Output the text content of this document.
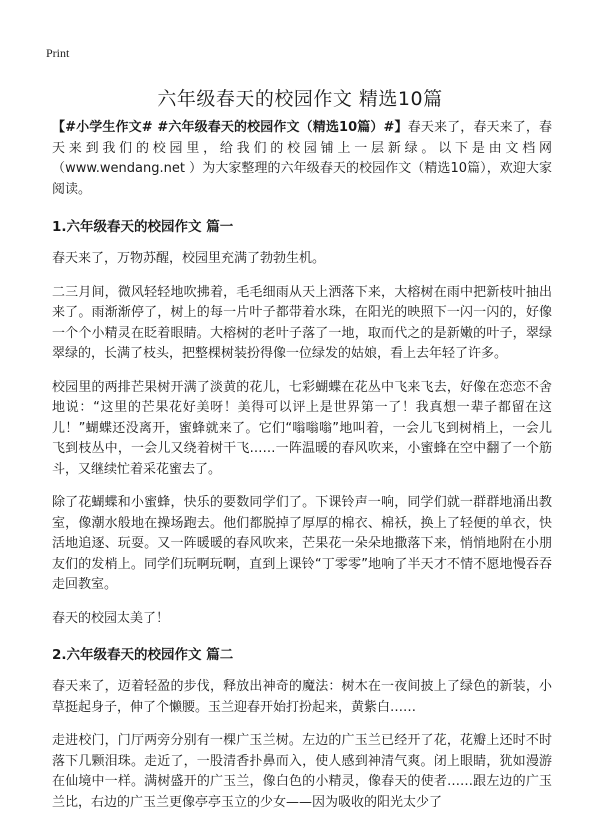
Print
六年级春天的校园作文 精选10篇

【#小学生作文# #六年级春天的校园作文（精选10篇）#】春天来了，春天来了，春天来到我们的校园里，给我们的校园铺上一层新绿。以下是由文档网（www.wendang.net ）为大家整理的六年级春天的校园作文（精选10篇），欢迎大家阅读。

1.六年级春天的校园作文 篇一

春天来了，万物苏醒，校园里充满了勃勃生机。

二三月间，微风轻轻地吹拂着，毛毛细雨从天上洒落下来，大榕树在雨中把新枝叶抽出来了。雨渐渐停了，树上的每一片叶子都带着水珠，在阳光的映照下一闪一闪的，好像一个个小精灵在眨着眼睛。大榕树的老叶子落了一地，取而代之的是新嫩的叶子，翠绿翠绿的，长满了枝头，把整棵树装扮得像一位绿发的姑娘，看上去年轻了许多。

校园里的两排芒果树开满了淡黄的花儿，七彩蝴蝶在花丛中飞来飞去，好像在恋恋不舍地说：“这里的芒果花好美呀！美得可以评上是世界第一了！我真想一辈子都留在这儿！”蝴蝶还没离开，蜜蜂就来了。它们“嗡嗡嗡”地叫着，一会儿飞到树梢上，一会儿飞到枝丛中，一会儿又绕着树干飞……一阵温暖的春风吹来，小蜜蜂在空中翻了一个筋斗，又继续忙着采花蜜去了。

除了花蝴蝶和小蜜蜂，快乐的要数同学们了。下课铃声一响，同学们就一群群地涌出教室，像潮水般地在操场跑去。他们都脱掉了厚厚的棉衣、棉袄，换上了轻便的单衣，快活地追逐、玩耍。又一阵暖暖的春风吹来，芒果花一朵朵地撒落下来，悄悄地附在小朋友们的发梢上。同学们玩啊玩啊，直到上课铃“丁零零”地响了半天才不情不愿地慢吞吞走回教室。

春天的校园太美了！

2.六年级春天的校园作文 篇二

春天来了，迈着轻盈的步伐，释放出神奇的魔法：树木在一夜间披上了绿色的新装，小草挺起身子，伸了个懒腰。玉兰迎春开始打扮起来，黄紫白……

走进校门，门厅两旁分别有一棵广玉兰树。左边的广玉兰已经开了花，花瓣上还时不时落下几颗泪珠。走近了，一股清香扑鼻而入，使人感到神清气爽。闭上眼睛，犹如漫游在仙境中一样。满树盛开的广玉兰，像白色的小精灵，像春天的使者……跟左边的广玉兰比，右边的广玉兰更像亭亭玉立的少女——因为吸收的阳光太少了
